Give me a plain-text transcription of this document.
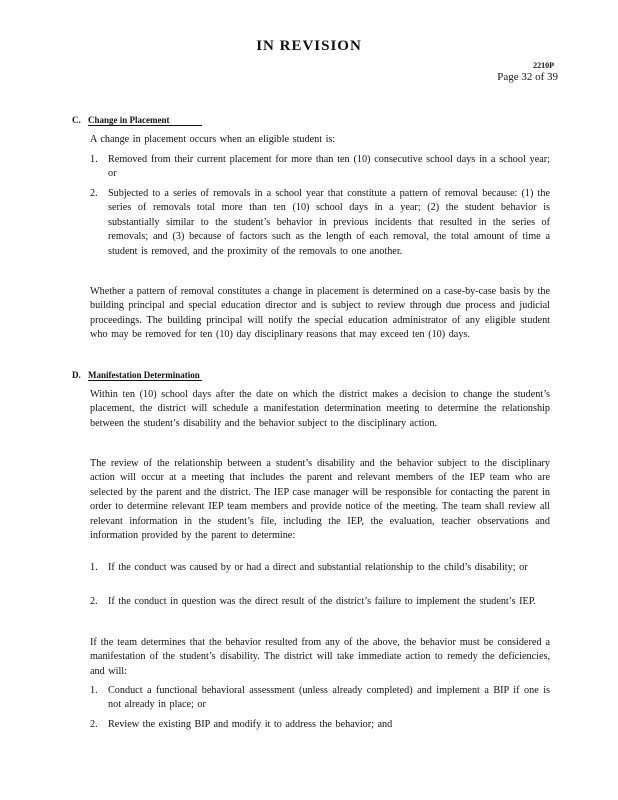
IN REVISION
2210P
Page 32 of 39
C. Change in Placement
A change in placement occurs when an eligible student is:
1. Removed from their current placement for more than ten (10) consecutive school days in a school year; or
2. Subjected to a series of removals in a school year that constitute a pattern of removal because: (1) the series of removals total more than ten (10) school days in a year; (2) the student behavior is substantially similar to the student’s behavior in previous incidents that resulted in the series of removals; and (3) because of factors such as the length of each removal, the total amount of time a student is removed, and the proximity of the removals to one another.
Whether a pattern of removal constitutes a change in placement is determined on a case-by-case basis by the building principal and special education director and is subject to review through due process and judicial proceedings. The building principal will notify the special education administrator of any eligible student who may be removed for ten (10) day disciplinary reasons that may exceed ten (10) days.
D. Manifestation Determination
Within ten (10) school days after the date on which the district makes a decision to change the student’s placement, the district will schedule a manifestation determination meeting to determine the relationship between the student’s disability and the behavior subject to the disciplinary action.
The review of the relationship between a student’s disability and the behavior subject to the disciplinary action will occur at a meeting that includes the parent and relevant members of the IEP team who are selected by the parent and the district. The IEP case manager will be responsible for contacting the parent in order to determine relevant IEP team members and provide notice of the meeting. The team shall review all relevant information in the student’s file, including the IEP, the evaluation, teacher observations and information provided by the parent to determine:
1. If the conduct was caused by or had a direct and substantial relationship to the child’s disability; or
2. If the conduct in question was the direct result of the district’s failure to implement the student’s IEP.
If the team determines that the behavior resulted from any of the above, the behavior must be considered a manifestation of the student’s disability. The district will take immediate action to remedy the deficiencies, and will:
1. Conduct a functional behavioral assessment (unless already completed) and implement a BIP if one is not already in place; or
2. Review the existing BIP and modify it to address the behavior; and
